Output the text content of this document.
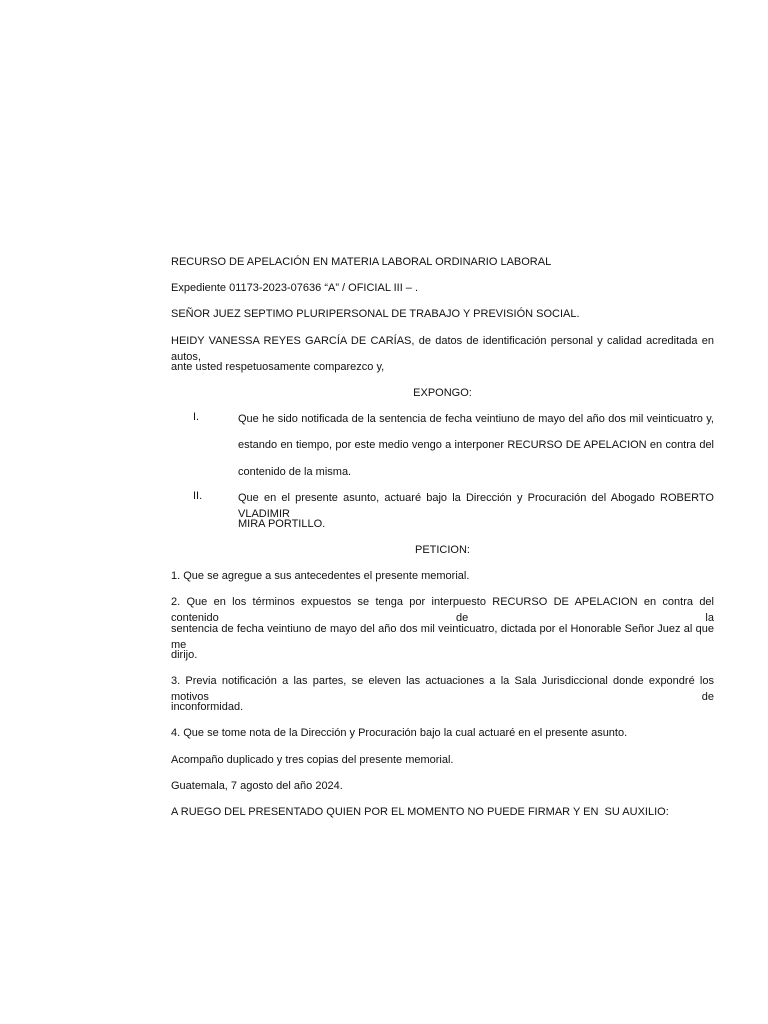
RECURSO DE APELACIÓN EN MATERIA LABORAL ORDINARIO LABORAL
Expediente 01173-2023-07636 “A” / OFICIAL III – .
SEÑOR JUEZ SEPTIMO PLURIPERSONAL DE TRABAJO Y PREVISIÓN SOCIAL.
HEIDY VANESSA REYES GARCÍA DE CARÍAS, de datos de identificación personal y calidad acreditada en autos,
ante usted respetuosamente comparezco y,
EXPONGO:
I.	Que he sido notificada de la sentencia de fecha veintiuno de mayo del año dos mil veinticuatro y,
estando en tiempo, por este medio vengo a interponer RECURSO DE APELACION en contra del
contenido de la misma.
II.	Que en el presente asunto, actuaré bajo la Dirección y Procuración del Abogado ROBERTO VLADIMIR
MIRA PORTILLO.
PETICION:
1. Que se agregue a sus antecedentes el presente memorial.
2. Que en los términos expuestos se tenga por interpuesto RECURSO DE APELACION en contra del contenido de la
sentencia de fecha veintiuno de mayo del año dos mil veinticuatro, dictada por el Honorable Señor Juez al que me
dirijo.
3. Previa notificación a las partes, se eleven las actuaciones a la Sala Jurisdiccional donde expondré los motivos de
inconformidad.
4. Que se tome nota de la Dirección y Procuración bajo la cual actuaré en el presente asunto.
Acompaño duplicado y tres copias del presente memorial.
Guatemala, 7 agosto del año 2024.
A RUEGO DEL PRESENTADO QUIEN POR EL MOMENTO NO PUEDE FIRMAR Y EN  SU AUXILIO:
